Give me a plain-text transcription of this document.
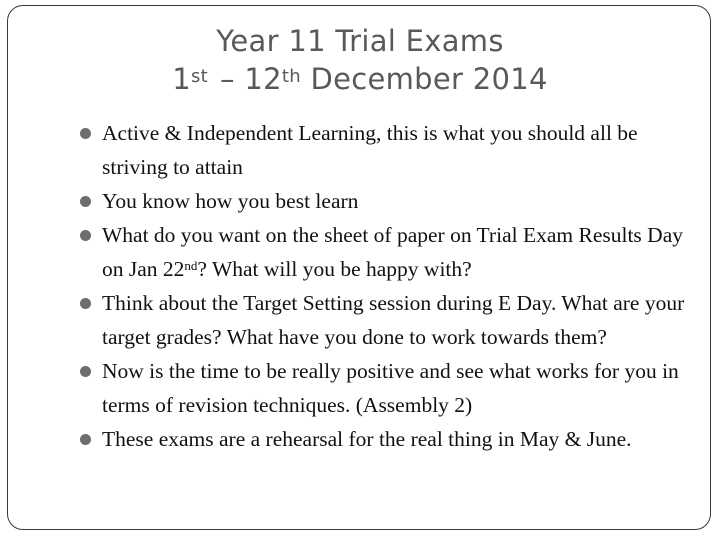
Year 11 Trial Exams
1st – 12th December 2014
Active & Independent Learning, this is what you should all be striving to attain
You know how you best learn
What do you want on the sheet of paper on Trial Exam Results Day on Jan 22nd? What will you be happy with?
Think about the Target Setting session during E Day. What are your target grades? What have you done to work towards them?
Now is the time to be really positive and see what works for you in terms of revision techniques. (Assembly 2)
These exams are a rehearsal for the real thing in May & June.
